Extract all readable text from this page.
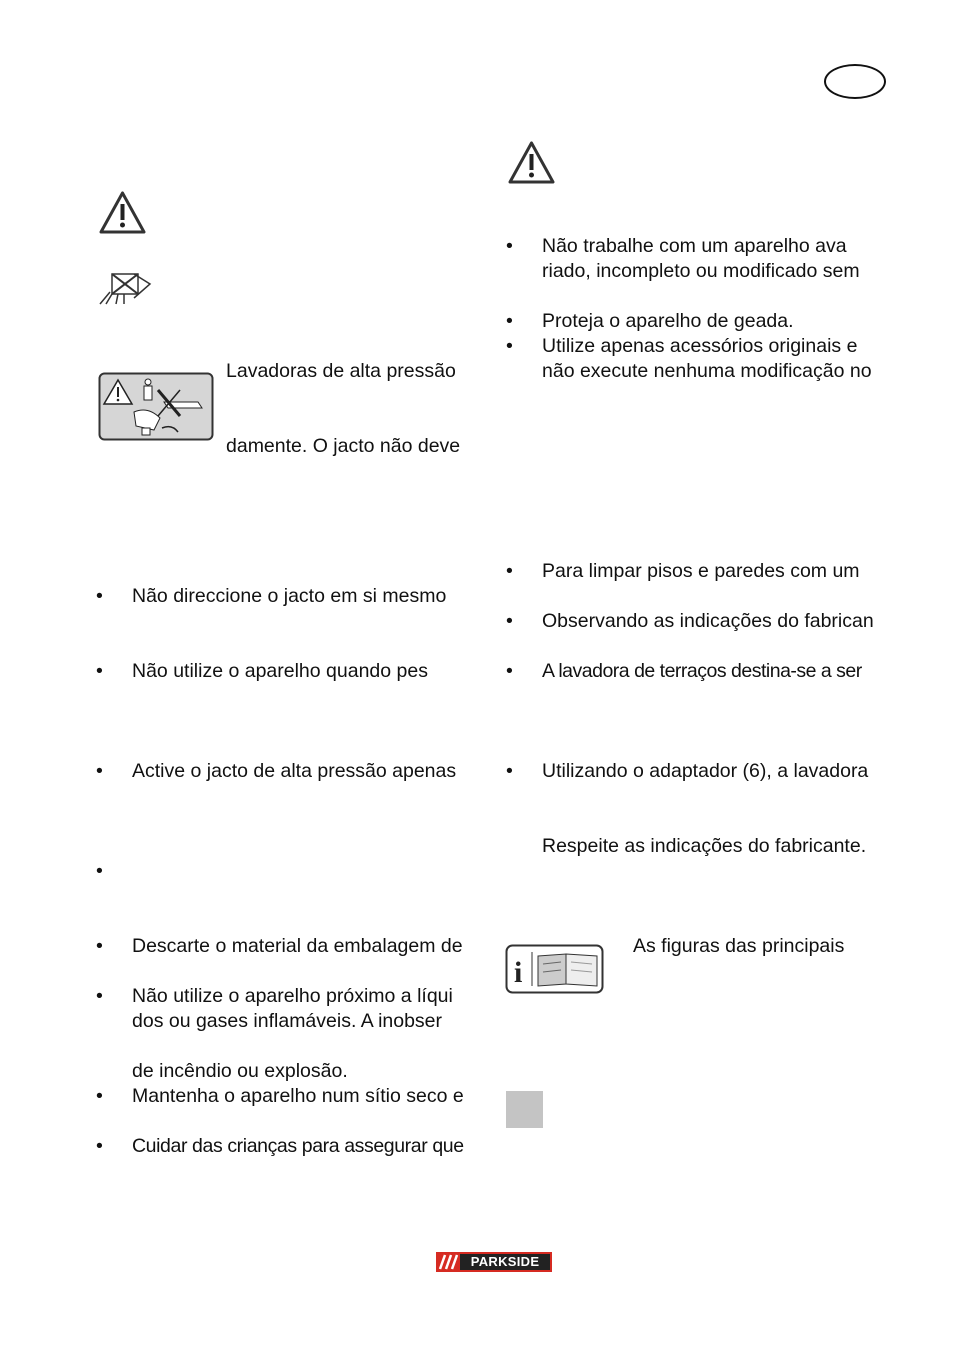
Lavadoras de alta pressão
damente. O jacto não deve
• Não direccione o jacto em si mesmo
• Não utilize o aparelho quando pes
• Active o jacto de alta pressão apenas
•
• Descarte o material da embalagem de
• Não utilize o aparelho próximo a líqui
dos ou gases inflamáveis. A inobser
de incêndio ou explosão.
• Mantenha o aparelho num sítio seco e
• Cuidar das crianças para assegurar que
• Não trabalhe com um aparelho ava
riado, incompleto ou modificado sem
• Proteja o aparelho de geada.
• Utilize apenas acessórios originais e
não execute nenhuma modificação no
• Para limpar pisos e paredes com um
• Observando as indicações do fabrican
• A lavadora de terraços destina-se a ser
• Utilizando o adaptador (6), a lavadora
Respeite as indicações do fabricante.
i
As figuras das principais
PARKSIDE
